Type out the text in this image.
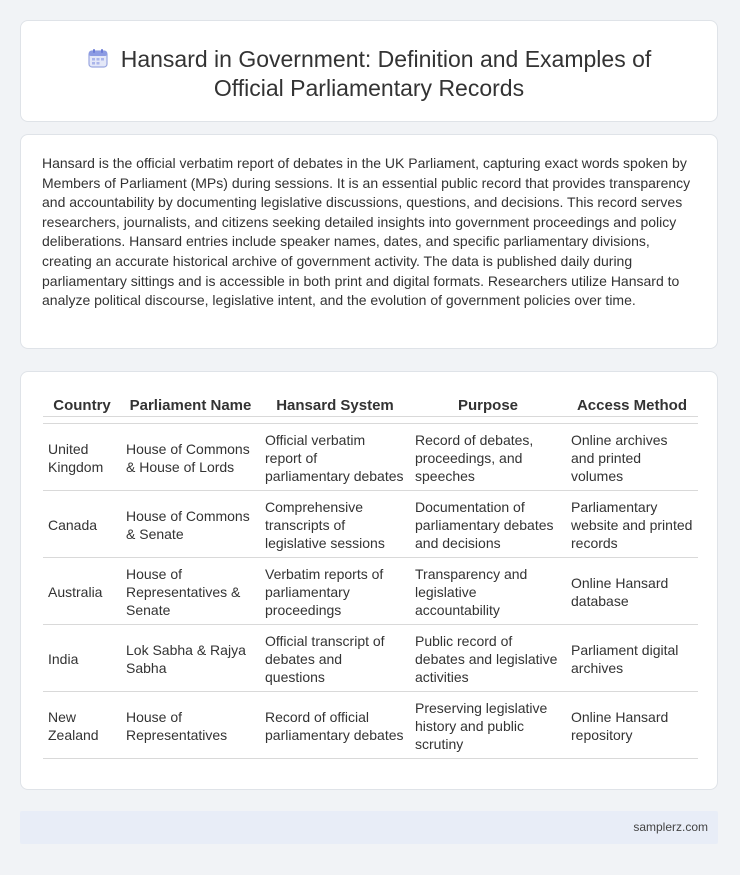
Hansard in Government: Definition and Examples of
Official Parliamentary Records

Hansard is the official verbatim report of debates in the UK Parliament, capturing exact words spoken by Members of Parliament (MPs) during sessions. It is an essential public record that provides transparency and accountability by documenting legislative discussions, questions, and decisions. This record serves researchers, journalists, and citizens seeking detailed insights into government proceedings and policy deliberations. Hansard entries include speaker names, dates, and specific parliamentary divisions, creating an accurate historical archive of government activity. The data is published daily during parliamentary sittings and is accessible in both print and digital formats. Researchers utilize Hansard to analyze political discourse, legislative intent, and the evolution of government policies over time.

Country	Parliament Name	Hansard System	Purpose	Access Method

United Kingdom	House of Commons & House of Lords	Official verbatim report of parliamentary debates	Record of debates, proceedings, and speeches	Online archives and printed volumes
Canada	House of Commons & Senate	Comprehensive transcripts of legislative sessions	Documentation of parliamentary debates and decisions	Parliamentary website and printed records
Australia	House of Representatives & Senate	Verbatim reports of parliamentary proceedings	Transparency and legislative accountability	Online Hansard database
India	Lok Sabha & Rajya Sabha	Official transcript of debates and questions	Public record of debates and legislative activities	Parliament digital archives
New Zealand	House of Representatives	Record of official parliamentary debates	Preserving legislative history and public scrutiny	Online Hansard repository
samplerz.com
